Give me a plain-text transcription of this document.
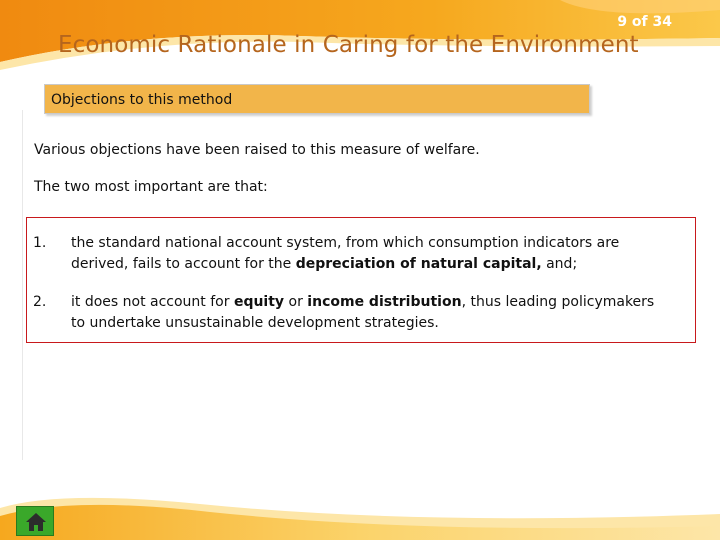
9 of 34
Economic Rationale in Caring for the Environment
Objections to this method
Various objections have been raised to this measure of welfare.
The two most important are that:
1. the standard national account system, from which consumption indicators are derived, fails to account for the depreciation of natural capital, and;
2. it does not account for equity or income distribution, thus leading policymakers to undertake unsustainable development strategies.
